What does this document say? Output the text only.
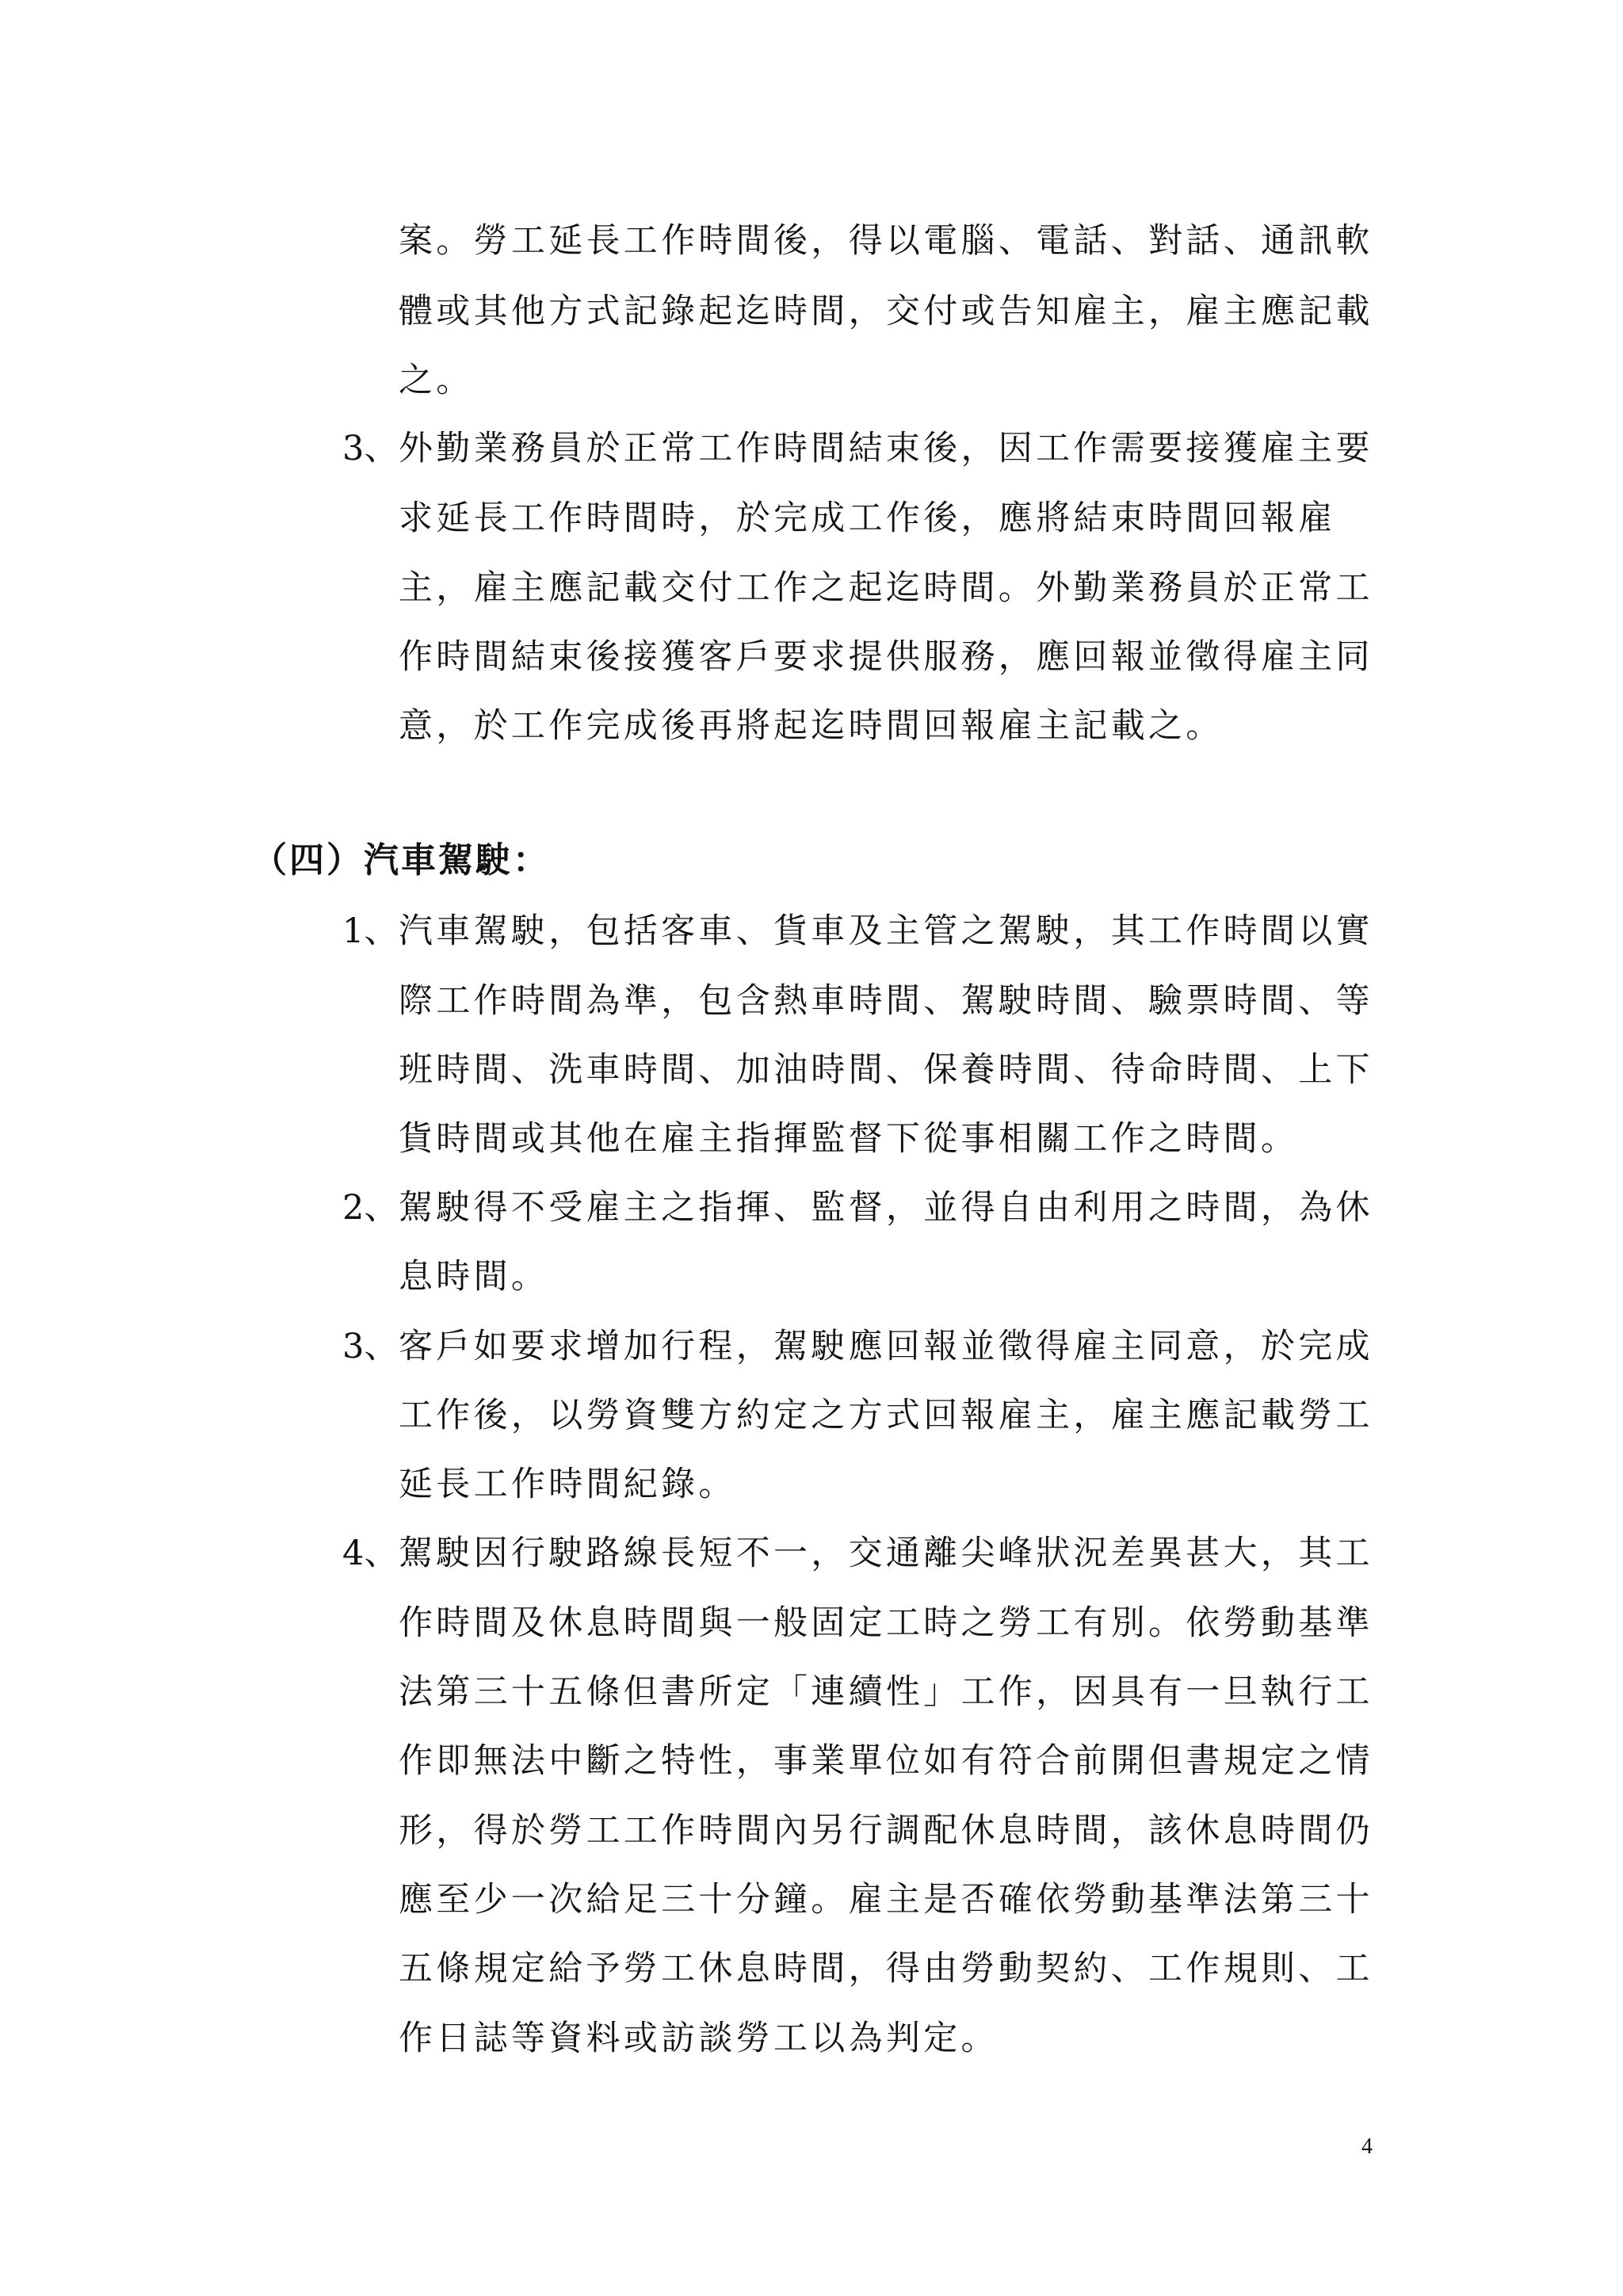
案。勞工延長工作時間後，得以電腦、電話、對話、通訊軟
體或其他方式記錄起迄時間，交付或告知雇主，雇主應記載
之。
3、 外勤業務員於正常工作時間結束後，因工作需要接獲雇主要
求延長工作時間時，於完成工作後，應將結束時間回報雇
主，雇主應記載交付工作之起迄時間。外勤業務員於正常工
作時間結束後接獲客戶要求提供服務，應回報並徵得雇主同
意，於工作完成後再將起迄時間回報雇主記載之。
（四）汽車駕駛：
1、 汽車駕駛，包括客車、貨車及主管之駕駛，其工作時間以實
際工作時間為準，包含熱車時間、駕駛時間、驗票時間、等
班時間、洗車時間、加油時間、保養時間、待命時間、上下
貨時間或其他在雇主指揮監督下從事相關工作之時間。
2、 駕駛得不受雇主之指揮、監督，並得自由利用之時間，為休
息時間。
3、 客戶如要求增加行程，駕駛應回報並徵得雇主同意，於完成
工作後，以勞資雙方約定之方式回報雇主，雇主應記載勞工
延長工作時間紀錄。
4、 駕駛因行駛路線長短不一，交通離尖峰狀況差異甚大，其工
作時間及休息時間與一般固定工時之勞工有別。依勞動基準
法第三十五條但書所定「連續性」工作，因具有一旦執行工
作即無法中斷之特性，事業單位如有符合前開但書規定之情
形，得於勞工工作時間內另行調配休息時間，該休息時間仍
應至少一次給足三十分鐘。雇主是否確依勞動基準法第三十
五條規定給予勞工休息時間，得由勞動契約、工作規則、工
作日誌等資料或訪談勞工以為判定。
4
